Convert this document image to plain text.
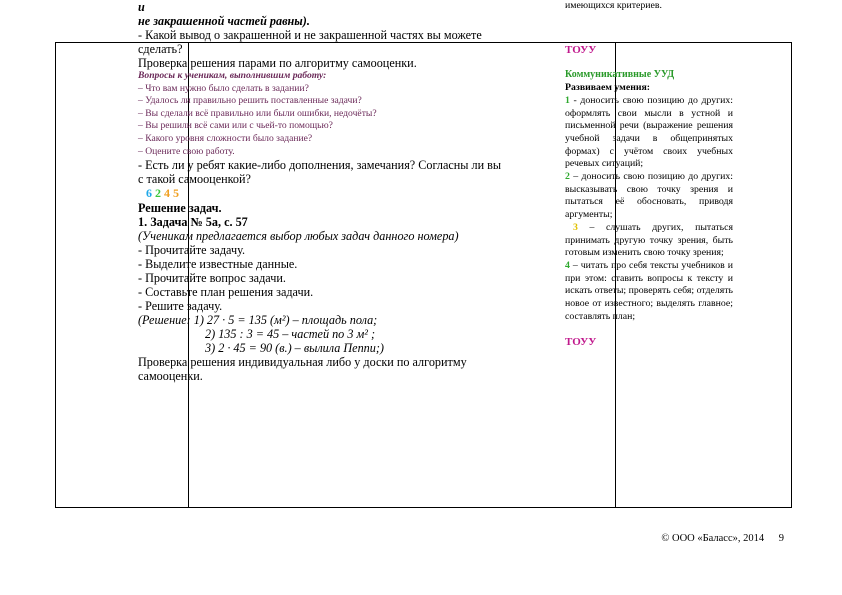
и

не закрашенной частей равны).

- Какой вывод о закрашенной и не закрашенной частях вы можете

сделать?

Проверка решения парами по алгоритму самооценки.

Вопросы к ученикам, выполнившим работу:

– Что вам нужно было сделать в задании?

– Удалось ли правильно решить поставленные задачи?

– Вы сделали всё правильно или были ошибки, недочёты?

– Вы решили всё сами или с чьей-то помощью?

– Какого уровня сложности было задание?

– Оцените свою работу.

- Есть ли у ребят какие-либо дополнения, замечания? Согласны ли вы

с такой самооценкой?

6 2 4 5

Решение задач.

1. Задача № 5а, с. 57

(Ученикам предлагается выбор любых задач данного номера)

- Прочитайте задачу.

- Выделите известные данные.

- Прочитайте вопрос задачи.

- Составьте план решения задачи.

- Решите задачу.

(Решение: 1) 27 · 5 = 135 (м²) – площадь пола;

2) 135 : 3 = 45 – частей по 3 м² ;

3) 2 · 45 = 90 (в.) – вылила Пеппи;)

Проверка решения индивидуальная либо у доски по алгоритму

самооценки.

имеющихся критериев.
ТОУУ
Коммуникативные УУД
Развиваем умения:
1 - доносить свою позицию до других: оформлять свои мысли в устной и письменной речи (выражение решения учебной задачи в общепринятых формах) с учётом своих учебных речевых ситуаций;
2 – доносить свою позицию до других: высказывать свою точку зрения и пытаться её обосновать, приводя аргументы;
3 – слушать других, пытаться принимать другую точку зрения, быть готовым изменить свою точку зрения;
4 – читать про себя тексты учебников и при этом: ставить вопросы к тексту и искать ответы; проверять себя; отделять новое от известного; выделять главное; составлять план;
ТОУУ
© ООО «Баласс», 2014 9
